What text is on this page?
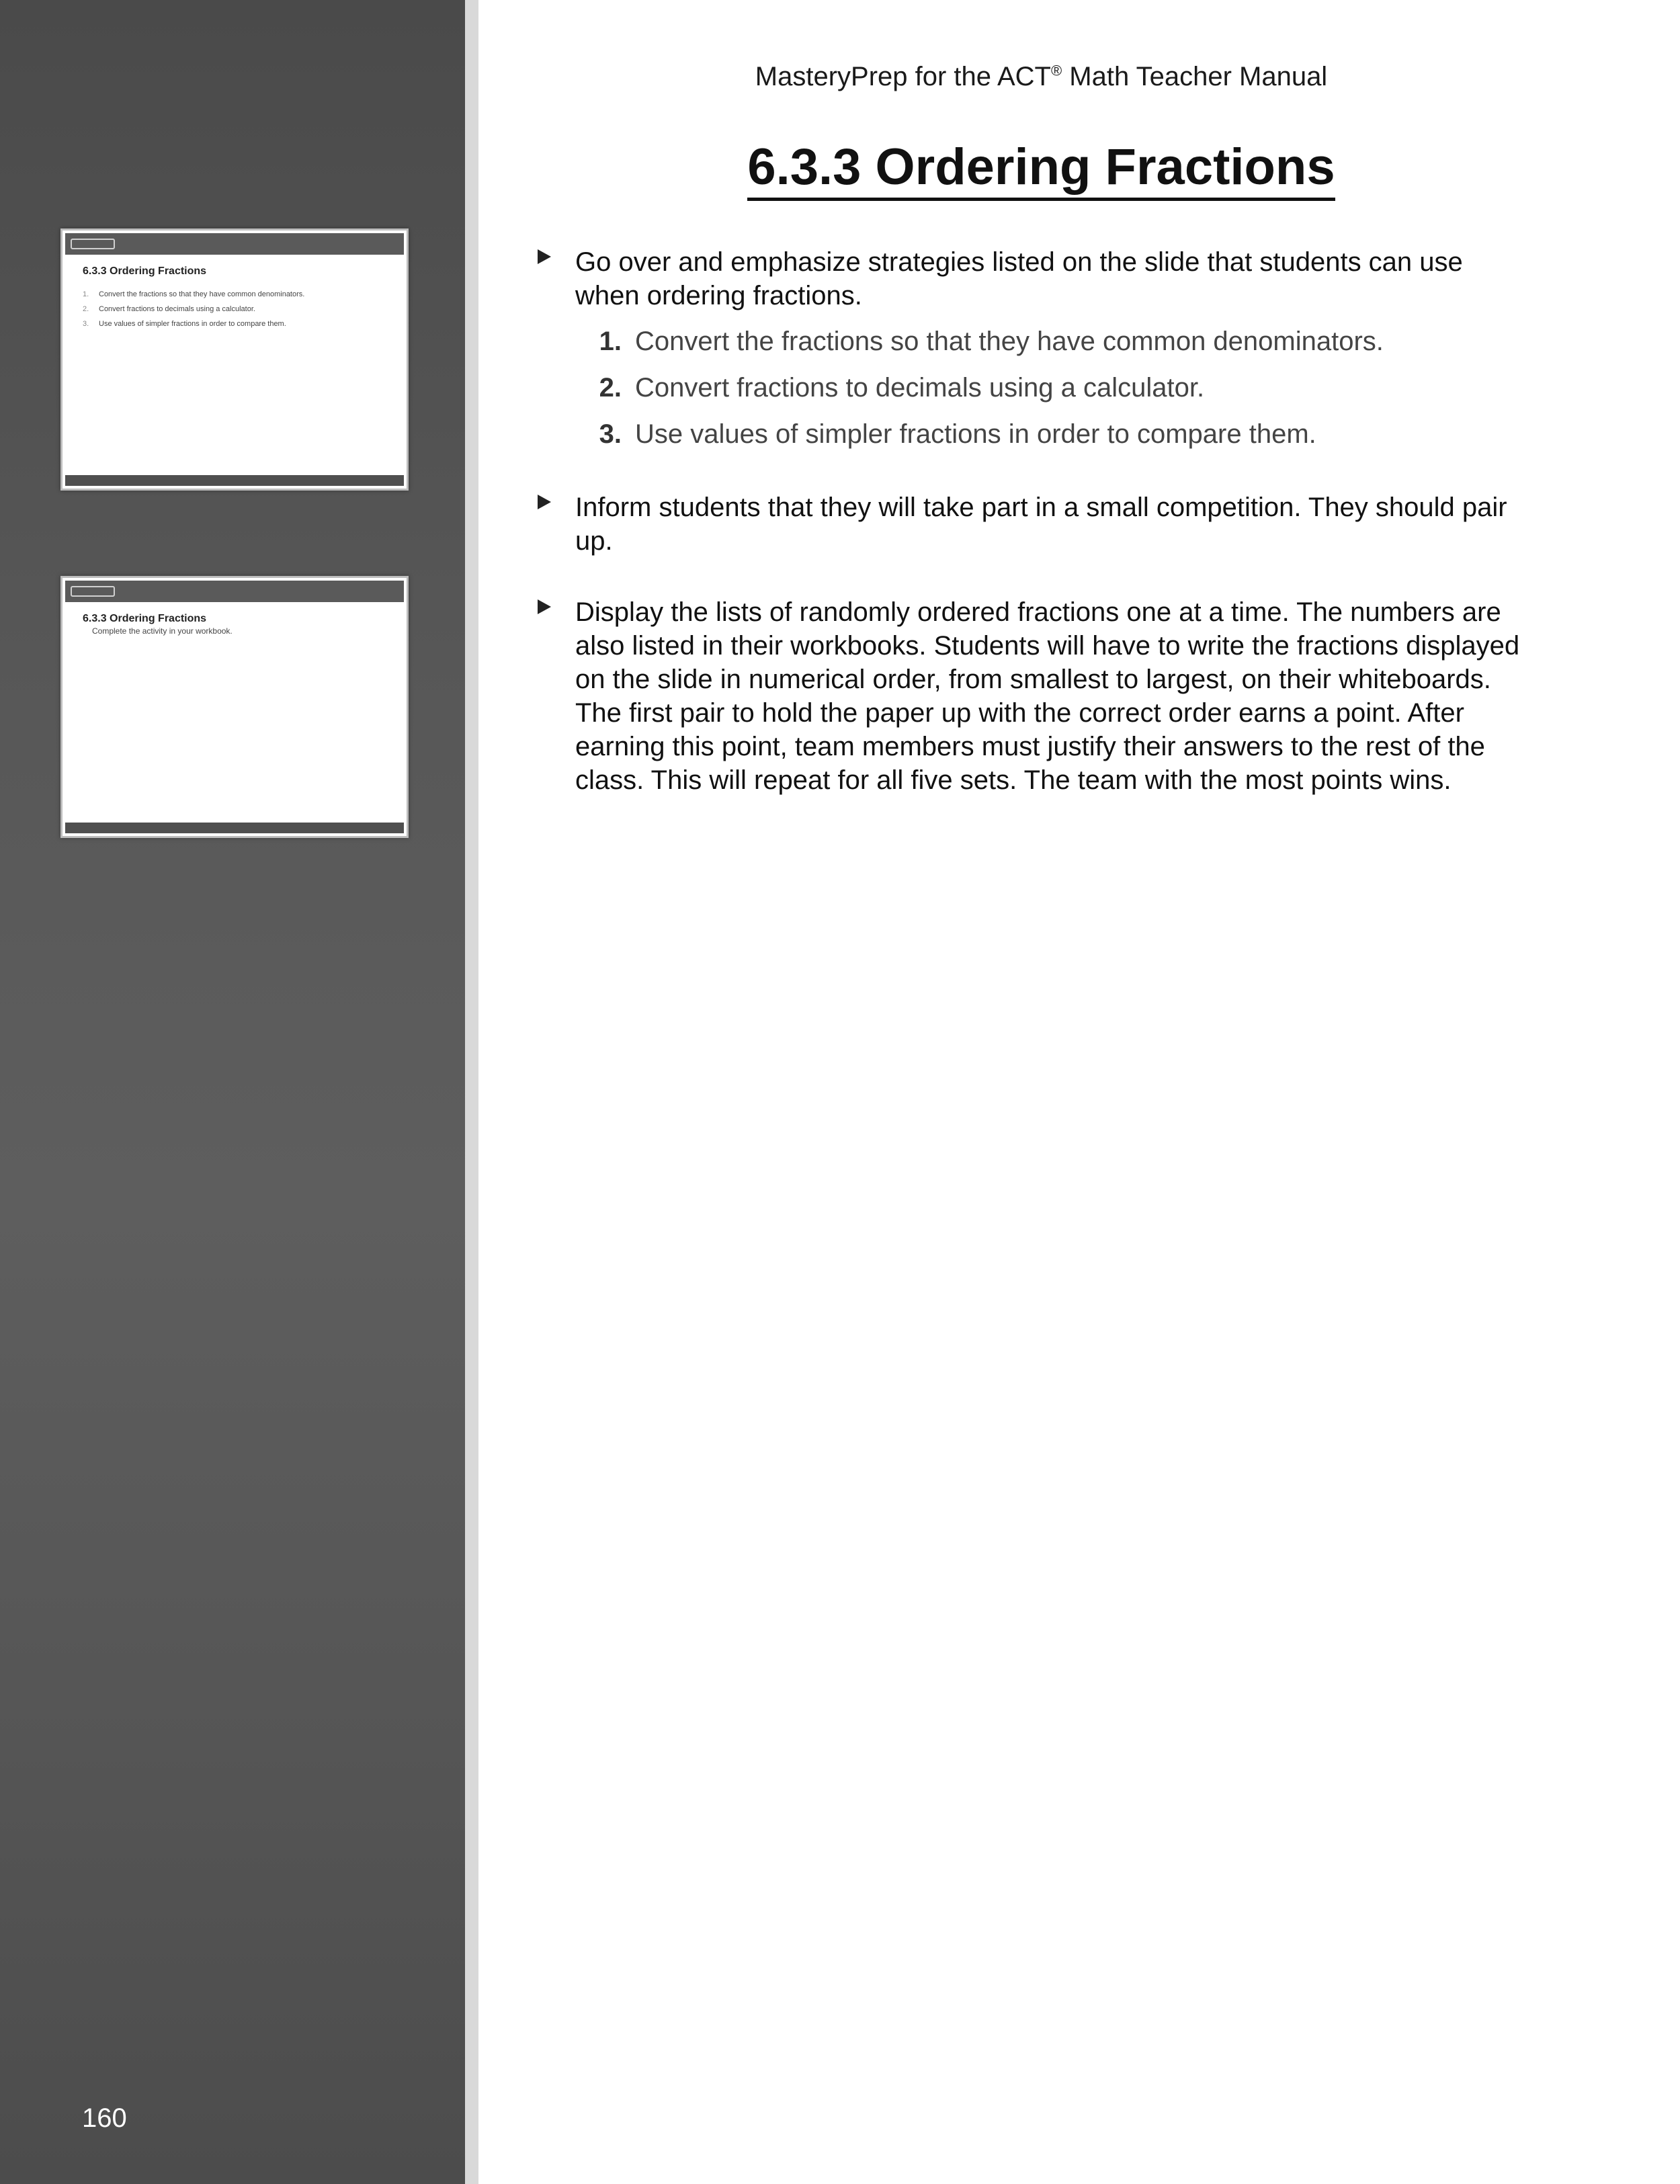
6.3.3 Ordering Fractions
1. Convert the fractions so that they have common denominators.
2. Convert fractions to decimals using a calculator.
3. Use values of simpler fractions in order to compare them.
6.3.3 Ordering Fractions
Complete the activity in your workbook.
160
MasteryPrep for the ACT® Math Teacher Manual
6.3.3 Ordering Fractions
Go over and emphasize strategies listed on the slide that students can use when ordering fractions.
1. Convert the fractions so that they have common denominators.
2. Convert fractions to decimals using a calculator.
3. Use values of simpler fractions in order to compare them.
Inform students that they will take part in a small competition. They should pair up.
Display the lists of randomly ordered fractions one at a time. The numbers are also listed in their workbooks. Students will have to write the fractions displayed on the slide in numerical order, from smallest to largest, on their whiteboards. The first pair to hold the paper up with the correct order earns a point. After earning this point, team members must justify their answers to the rest of the class. This will repeat for all five sets. The team with the most points wins.
